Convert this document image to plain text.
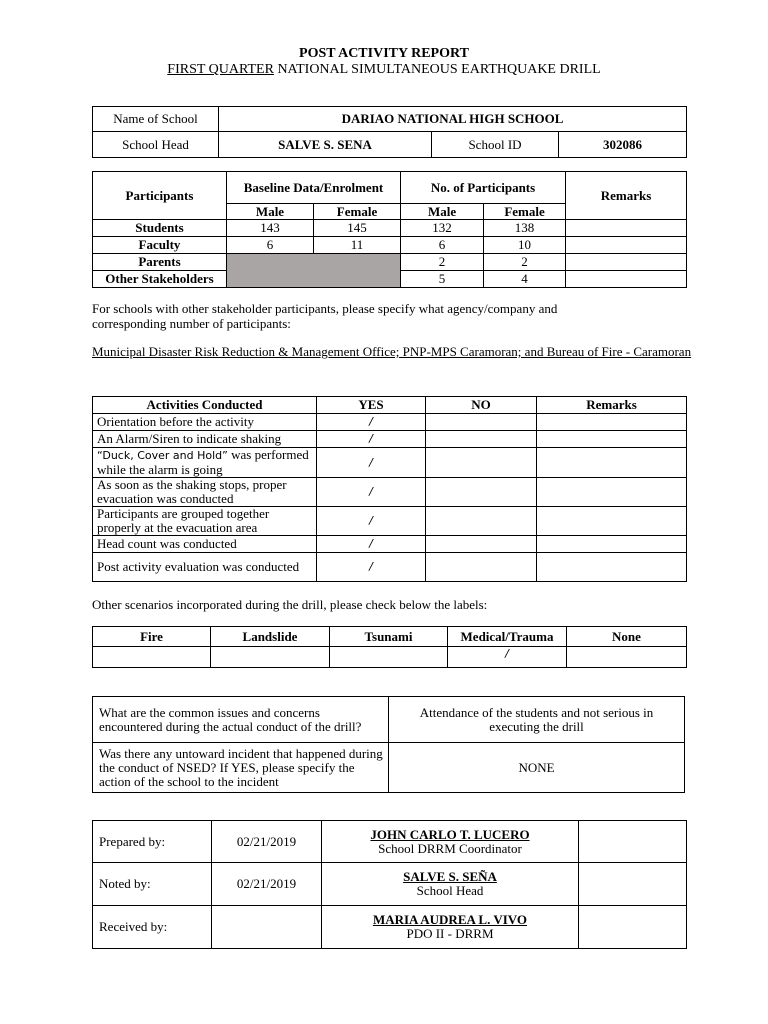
POST ACTIVITY REPORT
FIRST QUARTER NATIONAL SIMULTANEOUS EARTHQUAKE DRILL
Name of School	DARIAO NATIONAL HIGH SCHOOL		
School Head	SALVE S. SENA	School ID	302086
Participants	Baseline Data/Enrolment		No. of Participants		Remarks
	Male	Female	Male	Female	
Students	143	145	132	138	
Faculty	6	11	6	10	
Parents			2	2	
Other Stakeholders			5	4	
For schools with other stakeholder participants, please specify what agency/company and corresponding number of participants:
Municipal Disaster Risk Reduction & Management Office; PNP-MPS Caramoran; and Bureau of Fire - Caramoran
Activities Conducted	YES	NO	Remarks
Orientation before the activity	/		
An Alarm/Siren to indicate shaking	/		
“Duck, Cover and Hold” was performed while the alarm is going	/		
As soon as the shaking stops, proper evacuation was conducted	/		
Participants are grouped together properly at the evacuation area	/		
Head count was conducted	/		
Post activity evaluation was conducted	/		
Other scenarios incorporated during the drill, please check below the labels:
Fire	Landslide	Tsunami	Medical/Trauma	None
			/	
What are the common issues and concerns encountered during the actual conduct of the drill?	Attendance of the students and not serious in executing the drill
Was there any untoward incident that happened during the conduct of NSED? If YES, please specify the action of the school to the incident	NONE
Prepared by:	02/21/2019	JOHN CARLO T. LUCERO
School DRRM Coordinator	

Noted by:	02/21/2019	SALVE S. SEÑA
School Head	

Received by:		MARIA AUDREA L. VIVO
PDO II - DRRM	
